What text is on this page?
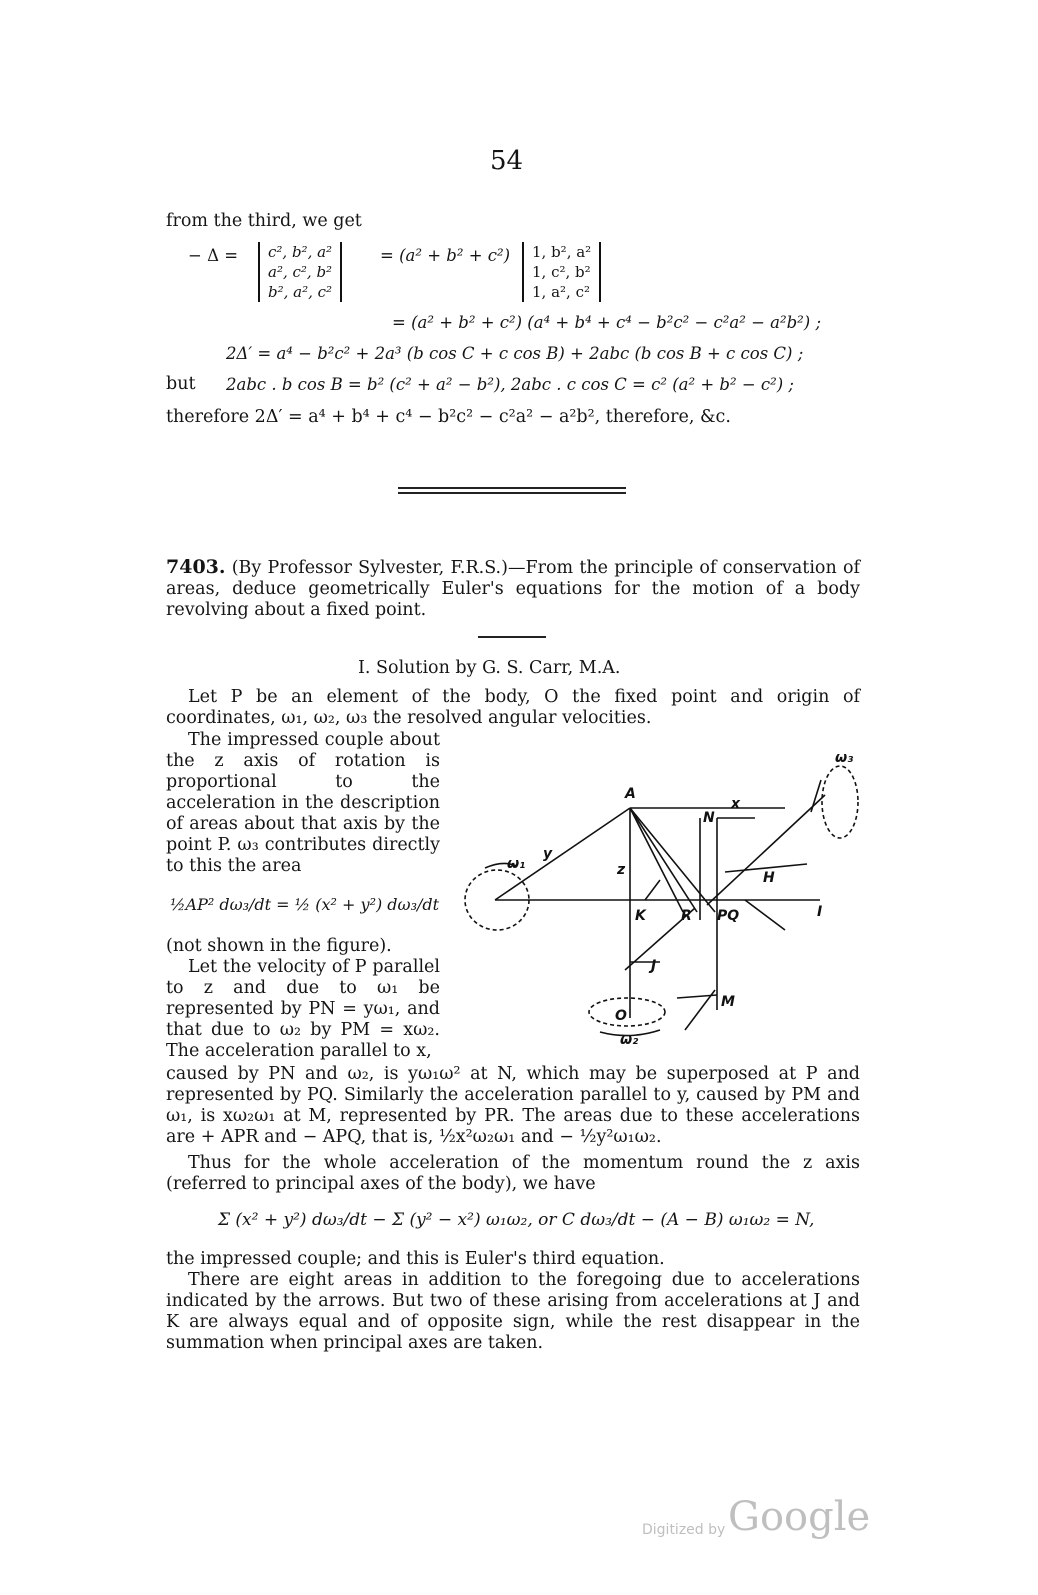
54
from the third, we get
− Δ = c², b², a²
a², c², b²
b², a², c²
= (a² + b² + c²) 1, b², a²
1, c², b²
1, a², c²
= (a² + b² + c²) (a⁴ + b⁴ + c⁴ − b²c² − c²a² − a²b²) ;
2Δ′ = a⁴ − b²c² + 2a³ (b cos C + c cos B) + 2abc (b cos B + c cos C) ;
but 2abc . b cos B = b² (c² + a² − b²), 2abc . c cos C = c² (a² + b² − c²) ;
therefore 2Δ′ = a⁴ + b⁴ + c⁴ − b²c² − c²a² − a²b², therefore, &c.
7403. (By Professor Sylvester, F.R.S.)—From the principle of conservation of areas, deduce geometrically Euler's equations for the motion of a body revolving about a fixed point.
I. Solution by G. S. Carr, M.A.
Let P be an element of the body, O the fixed point and origin of coordinates, ω₁, ω₂, ω₃ the resolved angular velocities.
The impressed couple about the z axis of rotation is proportional to the acceleration in the description of areas about that axis by the point P. ω₃ contributes directly to this the area
½AP² dω₃/dt = ½ (x² + y²) dω₃/dt
(not shown in the figure).
Let the velocity of P parallel to z and due to ω₁ be represented by PN = yω₁, and that due to ω₂ by PM = xω₂. The acceleration parallel to x,
A
x
N
y
z	H
K	R PQ	I
J
M
O
ω₁
ω₂
ω₃
caused by PN and ω₂, is yω₁ω² at N, which may be superposed at P and represented by PQ. Similarly the acceleration parallel to y, caused by PM and ω₁, is xω₂ω₁ at M, represented by PR. The areas due to these accelerations are + APR and − APQ, that is, ½x²ω₂ω₁ and − ½y²ω₁ω₂.
Thus for the whole acceleration of the momentum round the z axis (referred to principal axes of the body), we have
Σ (x² + y²) dω₃/dt − Σ (y² − x²) ω₁ω₂, or C dω₃/dt − (A − B) ω₁ω₂ = N,
the impressed couple; and this is Euler's third equation.
There are eight areas in addition to the foregoing due to accelerations indicated by the arrows. But two of these arising from accelerations at J and K are always equal and of opposite sign, while the rest disappear in the summation when principal axes are taken.
Digitized by Google
